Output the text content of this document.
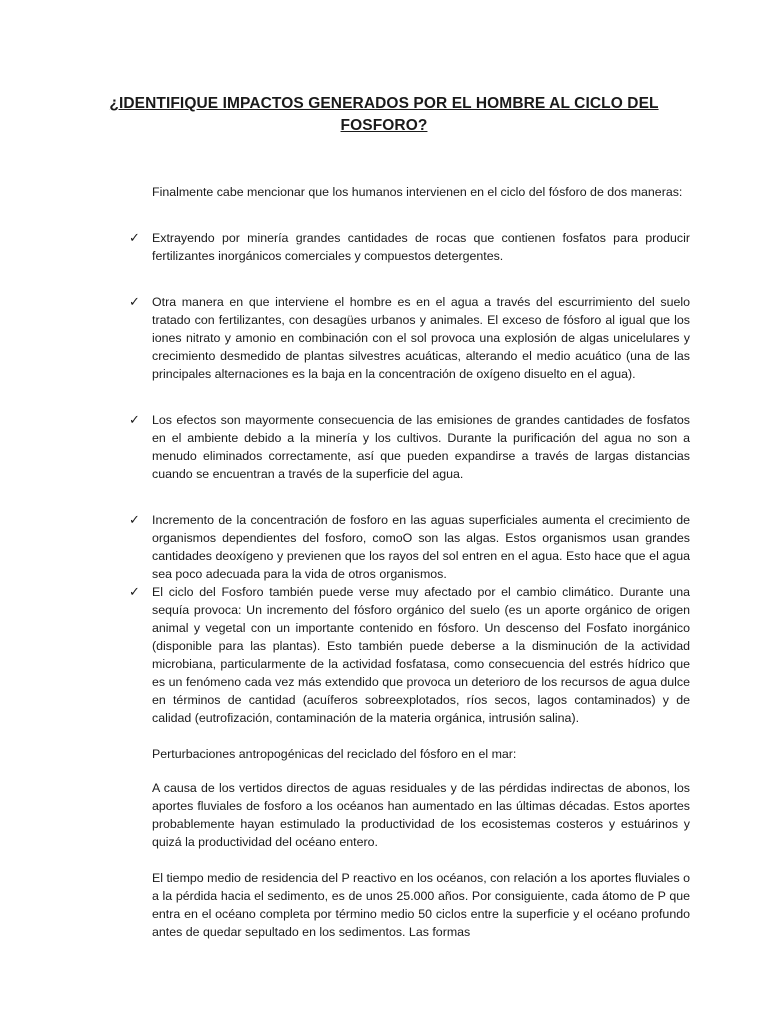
¿IDENTIFIQUE IMPACTOS GENERADOS POR EL HOMBRE AL CICLO DEL FOSFORO?

Finalmente cabe mencionar que los humanos intervienen en el ciclo del fósforo de dos maneras:

✓ Extrayendo por minería grandes cantidades de rocas que contienen fosfatos para producir fertilizantes inorgánicos comerciales y compuestos detergentes.
✓ Otra manera en que interviene el hombre es en el agua a través del escurrimiento del suelo tratado con fertilizantes, con desagües urbanos y animales. El exceso de fósforo al igual que los iones nitrato y amonio en combinación con el sol provoca una explosión de algas unicelulares y crecimiento desmedido de plantas silvestres acuáticas, alterando el medio acuático (una de las principales alternaciones es la baja en la concentración de oxígeno disuelto en el agua).
✓ Los efectos son mayormente consecuencia de las emisiones de grandes cantidades de fosfatos en el ambiente debido a la minería y los cultivos. Durante la purificación del agua no son a menudo eliminados correctamente, así que pueden expandirse a través de largas distancias cuando se encuentran a través de la superficie del agua.
✓ Incremento de la concentración de fosforo en las aguas superficiales aumenta el crecimiento de organismos dependientes del fosforo, comoO son las algas. Estos organismos usan grandes cantidades deoxígeno y previenen que los rayos del sol entren en el agua. Esto hace que el agua sea poco adecuada para la vida de otros organismos.
✓ El ciclo del Fosforo también puede verse muy afectado por el cambio climático. Durante una sequía provoca: Un incremento del fósforo orgánico del suelo (es un aporte orgánico de origen animal y vegetal con un importante contenido en fósforo. Un descenso del Fosfato inorgánico (disponible para las plantas). Esto también puede deberse a la disminución de la actividad microbiana, particularmente de la actividad fosfatasa, como consecuencia del estrés hídrico que es un fenómeno cada vez más extendido que provoca un deterioro de los recursos de agua dulce en términos de cantidad (acuíferos sobreexplotados, ríos secos, lagos contaminados) y de calidad (eutrofización, contaminación de la materia orgánica, intrusión salina).

Perturbaciones antropogénicas del reciclado del fósforo en el mar:

A causa de los vertidos directos de aguas residuales y de las pérdidas indirectas de abonos, los aportes fluviales de fosforo a los océanos han aumentado en las últimas décadas. Estos aportes probablemente hayan estimulado la productividad de los ecosistemas costeros y estuárinos y quizá la productividad del océano entero.

El tiempo medio de residencia del P reactivo en los océanos, con relación a los aportes fluviales o a la pérdida hacia el sedimento, es de unos 25.000 años. Por consiguiente, cada átomo de P que entra en el océano completa por término medio 50 ciclos entre la superficie y el océano profundo antes de quedar sepultado en los sedimentos. Las formas
